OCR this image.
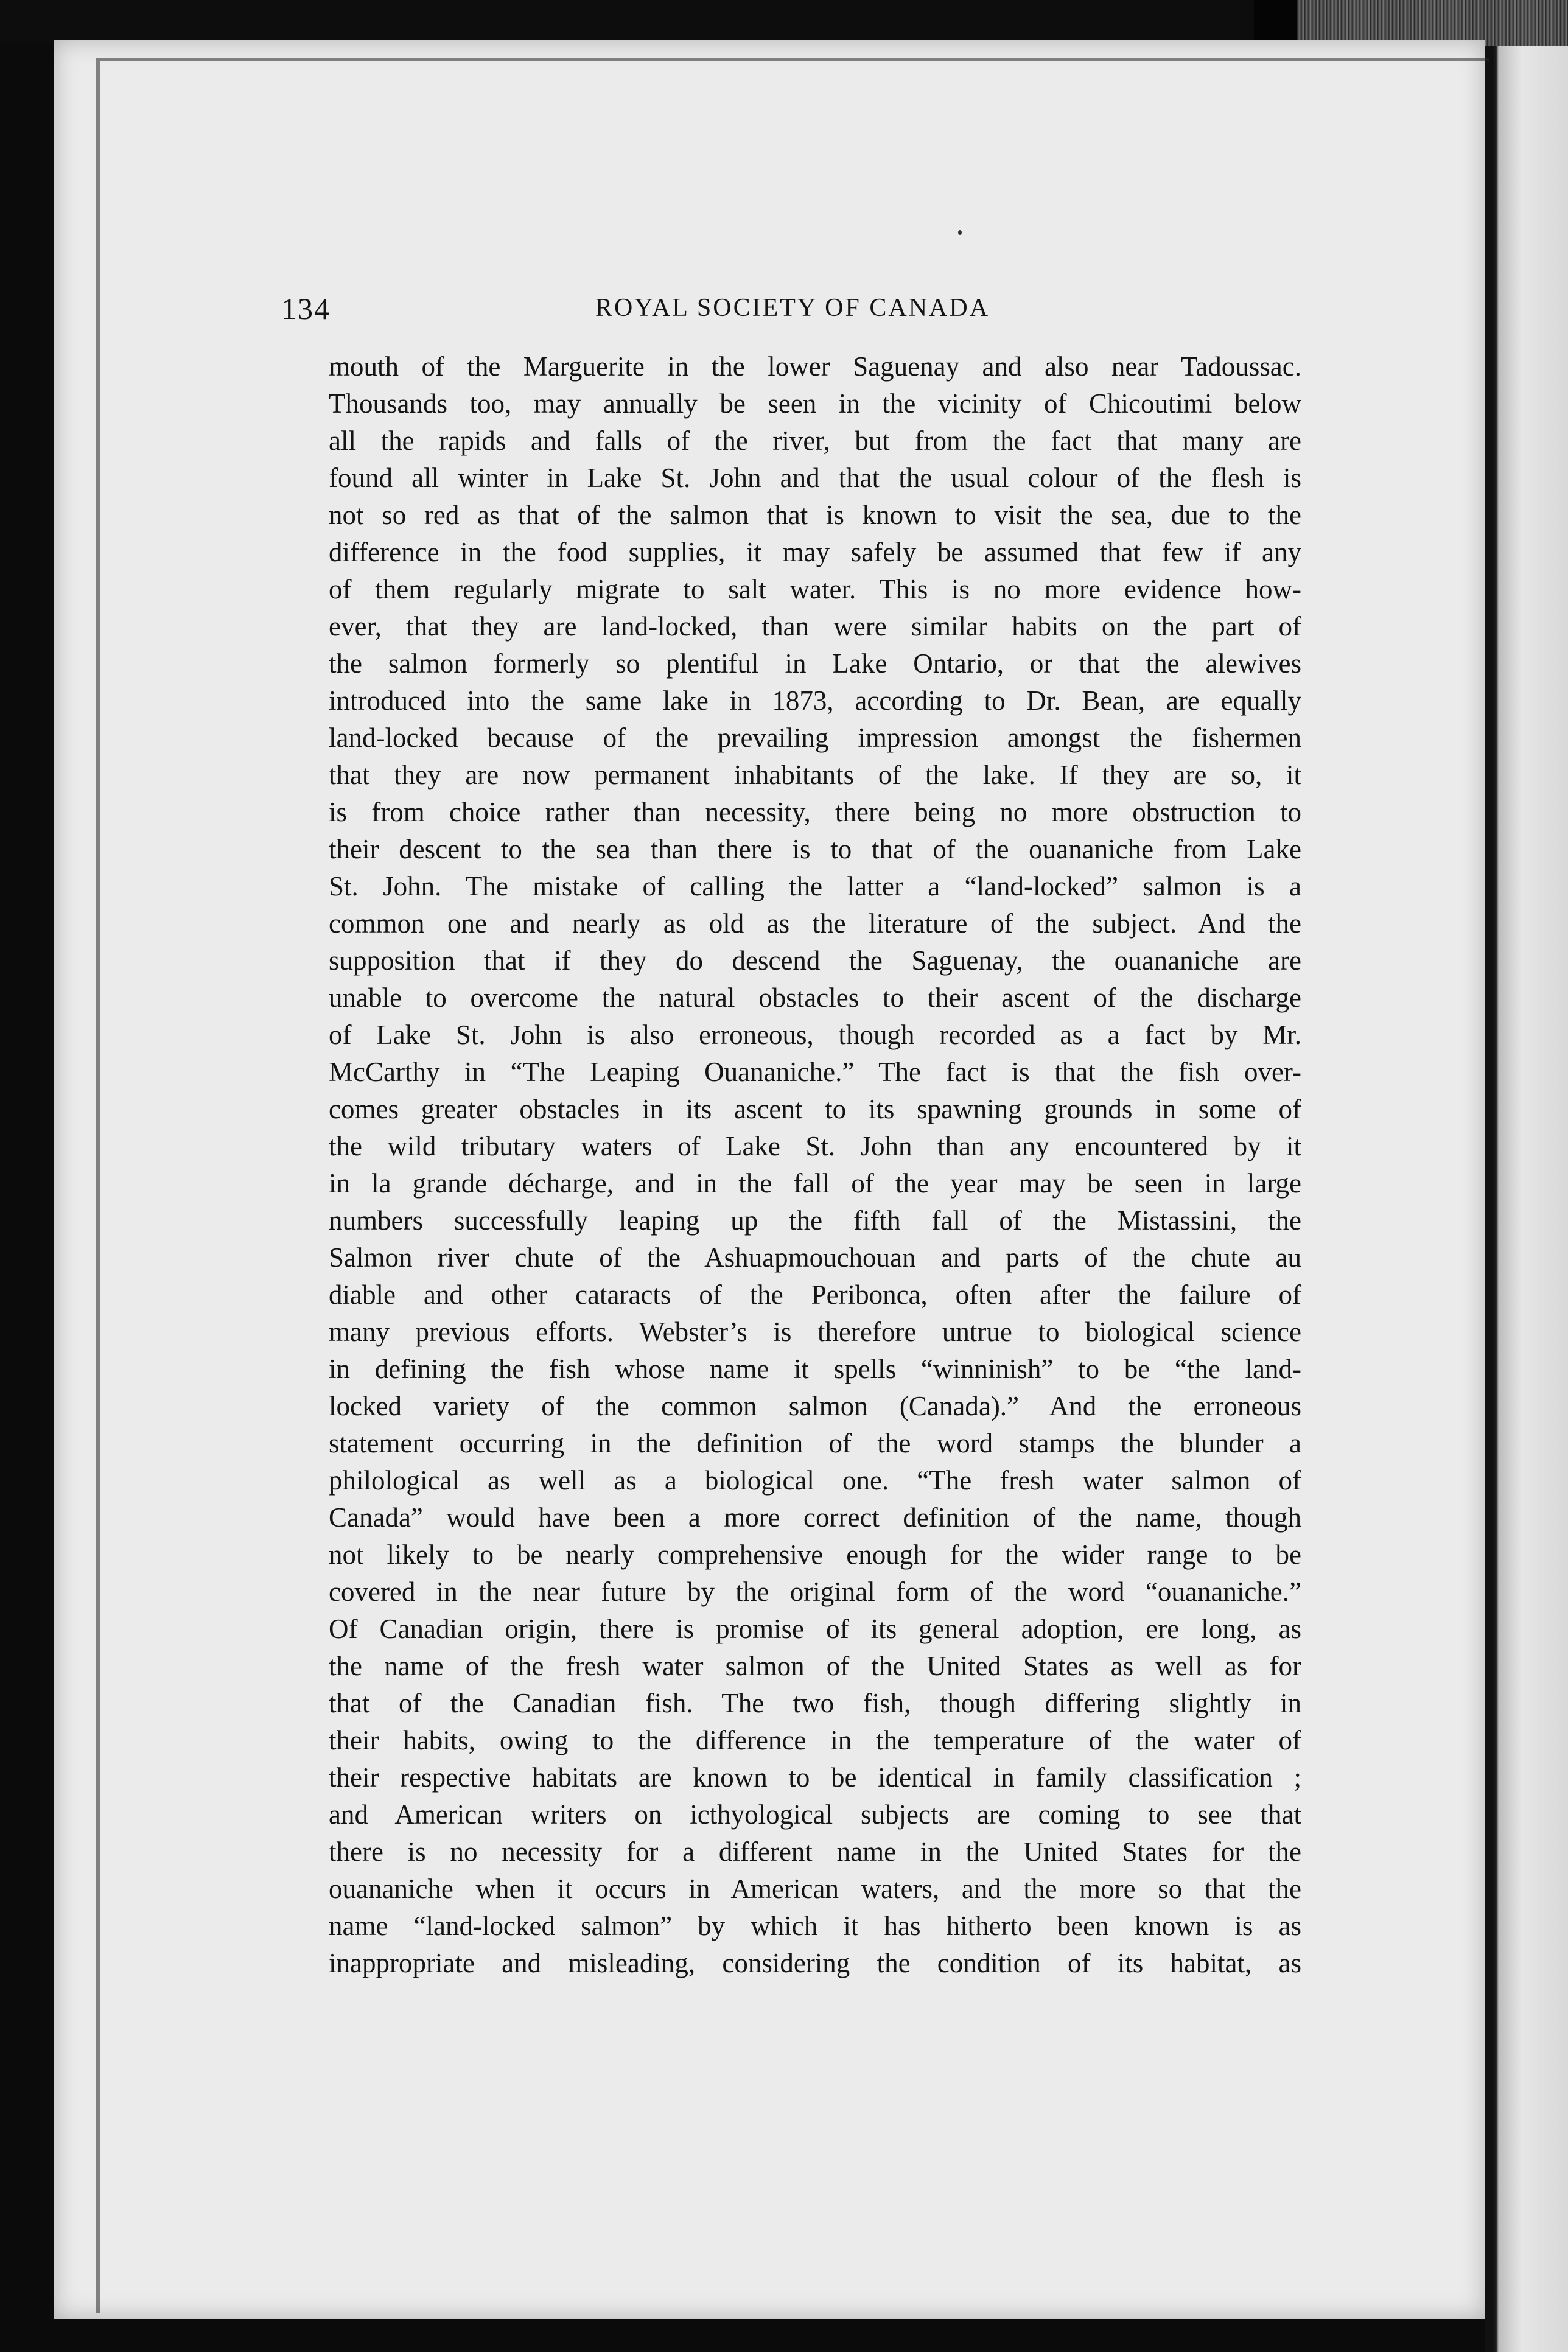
134	ROYAL SOCIETY OF CANADA
mouth of the Marguerite in the lower Saguenay and also near Tadoussac.
Thousands too, may annually be seen in the vicinity of Chicoutimi below
all the rapids and falls of the river, but from the fact that many are
found all winter in Lake St. John and that the usual colour of the flesh is
not so red as that of the salmon that is known to visit the sea, due to the
difference in the food supplies, it may safely be assumed that few if any
of them regularly migrate to salt water. This is no more evidence how-
ever, that they are land-locked, than were similar habits on the part of
the salmon formerly so plentiful in Lake Ontario, or that the alewives
introduced into the same lake in 1873, according to Dr. Bean, are equally
land-locked because of the prevailing impression amongst the fishermen
that they are now permanent inhabitants of the lake. If they are so, it
is from choice rather than necessity, there being no more obstruction to
their descent to the sea than there is to that of the ouananiche from Lake
St. John. The mistake of calling the latter a “land-locked” salmon is a
common one and nearly as old as the literature of the subject. And the
supposition that if they do descend the Saguenay, the ouananiche are
unable to overcome the natural obstacles to their ascent of the discharge
of Lake St. John is also erroneous, though recorded as a fact by Mr.
McCarthy in “The Leaping Ouananiche.” The fact is that the fish over-
comes greater obstacles in its ascent to its spawning grounds in some of
the wild tributary waters of Lake St. John than any encountered by it
in la grande décharge, and in the fall of the year may be seen in large
numbers successfully leaping up the fifth fall of the Mistassini, the
Salmon river chute of the Ashuapmouchouan and parts of the chute au
diable and other cataracts of the Peribonca, often after the failure of
many previous efforts. Webster’s is therefore untrue to biological science
in defining the fish whose name it spells “winninish” to be “the land-
locked variety of the common salmon (Canada).” And the erroneous
statement occurring in the definition of the word stamps the blunder a
philological as well as a biological one. “The fresh water salmon of
Canada” would have been a more correct definition of the name, though
not likely to be nearly comprehensive enough for the wider range to be
covered in the near future by the original form of the word “ouananiche.”
Of Canadian origin, there is promise of its general adoption, ere long, as
the name of the fresh water salmon of the United States as well as for
that of the Canadian fish. The two fish, though differing slightly in
their habits, owing to the difference in the temperature of the water of
their respective habitats are known to be identical in family classification ;
and American writers on icthyological subjects are coming to see that
there is no necessity for a different name in the United States for the
ouananiche when it occurs in American waters, and the more so that the
name “land-locked salmon” by which it has hitherto been known is as
inappropriate and misleading, considering the condition of its habitat, as
